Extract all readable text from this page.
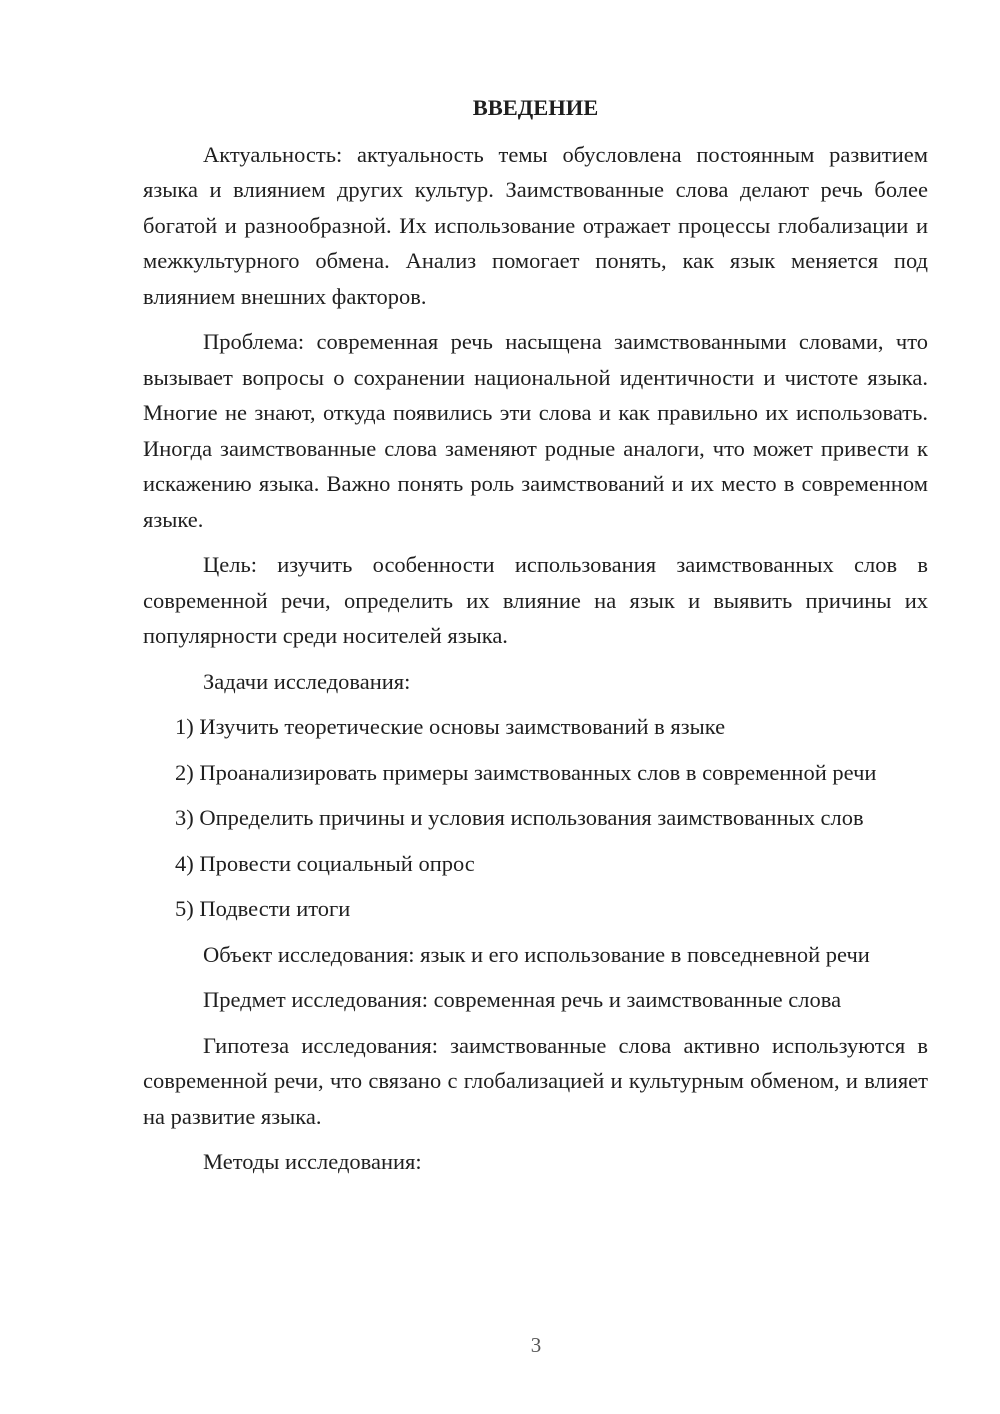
ВВЕДЕНИЕ

Актуальность: актуальность темы обусловлена постоянным развитием языка и влиянием других культур. Заимствованные слова делают речь более богатой и разнообразной. Их использование отражает процессы глобализации и межкультурного обмена. Анализ помогает понять, как язык меняется под влиянием внешних факторов.

Проблема: современная речь насыщена заимствованными словами, что вызывает вопросы о сохранении национальной идентичности и чистоте языка. Многие не знают, откуда появились эти слова и как правильно их использовать. Иногда заимствованные слова заменяют родные аналоги, что может привести к искажению языка. Важно понять роль заимствований и их место в современном языке.

Цель: изучить особенности использования заимствованных слов в современной речи, определить их влияние на язык и выявить причины их популярности среди носителей языка.

Задачи исследования:

1) Изучить теоретические основы заимствований в языке

2) Проанализировать примеры заимствованных слов в современной речи

3) Определить причины и условия использования заимствованных слов

4) Провести социальный опрос

5) Подвести итоги

Объект исследования: язык и его использование в повседневной речи

Предмет исследования: современная речь и заимствованные слова

Гипотеза исследования: заимствованные слова активно используются в современной речи, что связано с глобализацией и культурным обменом, и влияет на развитие языка.

Методы исследования:

3
